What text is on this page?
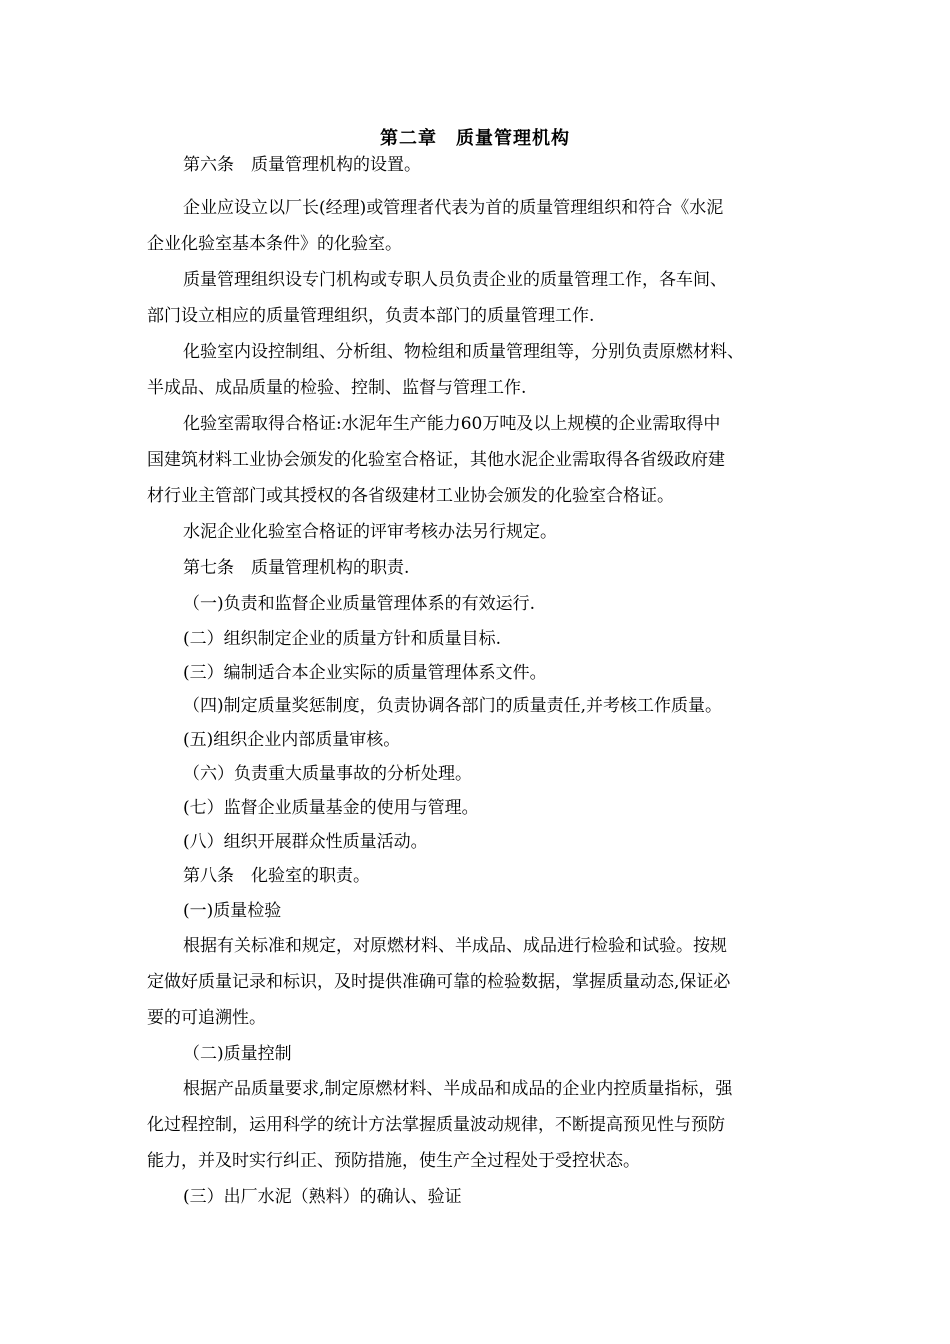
第二章　质量管理机构
第六条　质量管理机构的设置。
企业应设立以厂长(经理)或管理者代表为首的质量管理组织和符合《水泥
企业化验室基本条件》的化验室。
质量管理组织设专门机构或专职人员负责企业的质量管理工作，各车间、
部门设立相应的质量管理组织，负责本部门的质量管理工作.
化验室内设控制组、分析组、物检组和质量管理组等，分别负责原燃材料、
半成品、成品质量的检验、控制、监督与管理工作.
化验室需取得合格证:水泥年生产能力60万吨及以上规模的企业需取得中
国建筑材料工业协会颁发的化验室合格证，其他水泥企业需取得各省级政府建
材行业主管部门或其授权的各省级建材工业协会颁发的化验室合格证。
水泥企业化验室合格证的评审考核办法另行规定。
第七条　质量管理机构的职责.
（一)负责和监督企业质量管理体系的有效运行.
(二）组织制定企业的质量方针和质量目标.
(三）编制适合本企业实际的质量管理体系文件。
（四)制定质量奖惩制度，负责协调各部门的质量责任,并考核工作质量。
(五)组织企业内部质量审核。
（六）负责重大质量事故的分析处理。
(七）监督企业质量基金的使用与管理。
(八）组织开展群众性质量活动。
第八条　化验室的职责。
(一)质量检验
根据有关标准和规定，对原燃材料、半成品、成品进行检验和试验。按规
定做好质量记录和标识，及时提供准确可靠的检验数据，掌握质量动态,保证必
要的可追溯性。
（二)质量控制
根据产品质量要求,制定原燃材料、半成品和成品的企业内控质量指标，强
化过程控制，运用科学的统计方法掌握质量波动规律，不断提高预见性与预防
能力，并及时实行纠正、预防措施，使生产全过程处于受控状态。
(三）出厂水泥（熟料）的确认、验证
